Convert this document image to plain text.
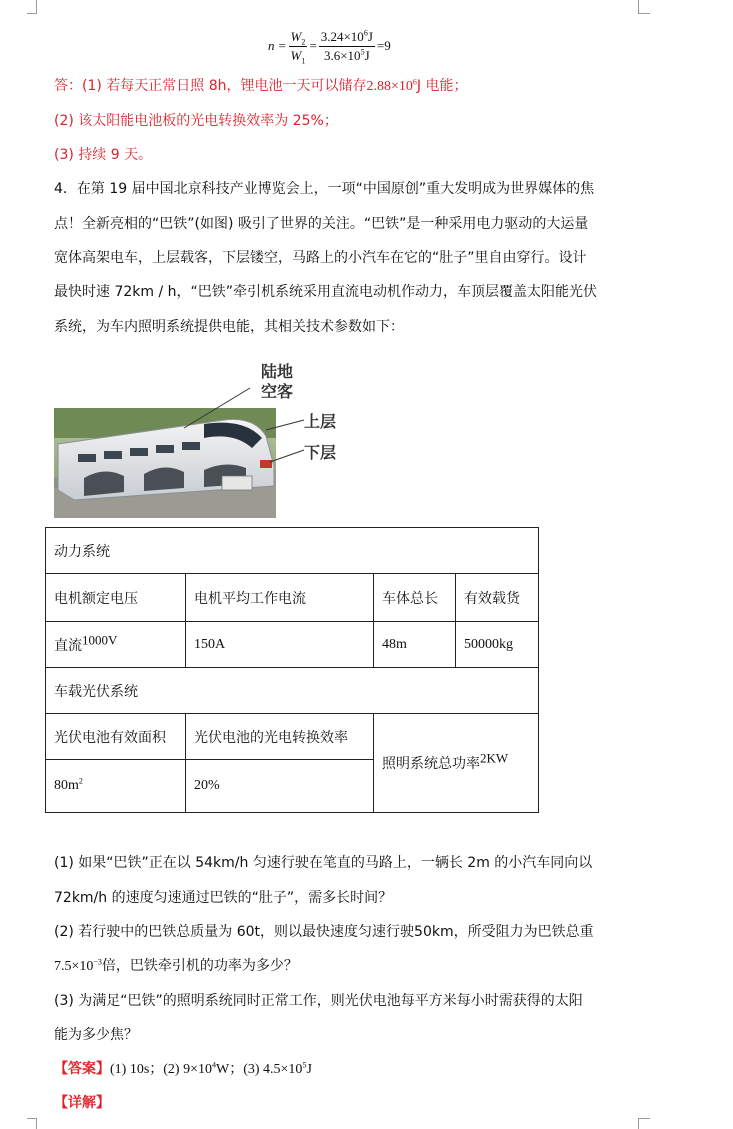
$n = \frac{W_2}{W_1} = \frac{3.24\times 10^6J}{3.6\times 10^5J} =9$
答：(1) 若每天正常日照 8h，锂电池一天可以储存$2.88\times 10^6J$ 电能；
(2) 该太阳能电池板的光电转换效率为 25%；
(3) 持续 9 天。
4．在第 19 届中国北京科技产业博览会上，一项“中国原创”重大发明成为世界媒体的焦
点！全新亮相的“巴铁”(如图) 吸引了世界的关注。“巴铁”是一种采用电力驱动的大运量
宽体高架电车，上层载客，下层镂空，马路上的小汽车在它的“肚子”里自由穿行。设计
最快时速 72km / h，“巴铁”牵引机系统采用直流电动机作动力，车顶层覆盖太阳能光伏
系统，为车内照明系统提供电能，其相关技术参数如下：
陆地
空客
上层
下层
动力系统			
电机额定电压	电机平均工作电流	车体总长	有效载货
直流$^{1000V}$	150A	48m	50000kg
车载光伏系统			
光伏电池有效面积	光伏电池的光电转换效率	照明系统总功率$^{2KW}$
$80m^2$	20%		
(1) 如果“巴铁”正在以 54km/h 匀速行驶在笔直的马路上，一辆长 2m 的小汽车同向以
72km/h 的速度匀速通过巴铁的“肚子”，需多长时间？
(2) 若行驶中的巴铁总质量为 60t，则以最快速度匀速行驶50km，所受阻力为巴铁总重
$7.5\times 10^{-3}$倍，巴铁牵引机的功率为多少？
(3) 为满足“巴铁”的照明系统同时正常工作，则光伏电池每平方米每小时需获得的太阳
能为多少焦？
【答案】(1) 10s；(2) $9\times 10^4W$；(3) $4.5\times 10^5J$
【详解】
